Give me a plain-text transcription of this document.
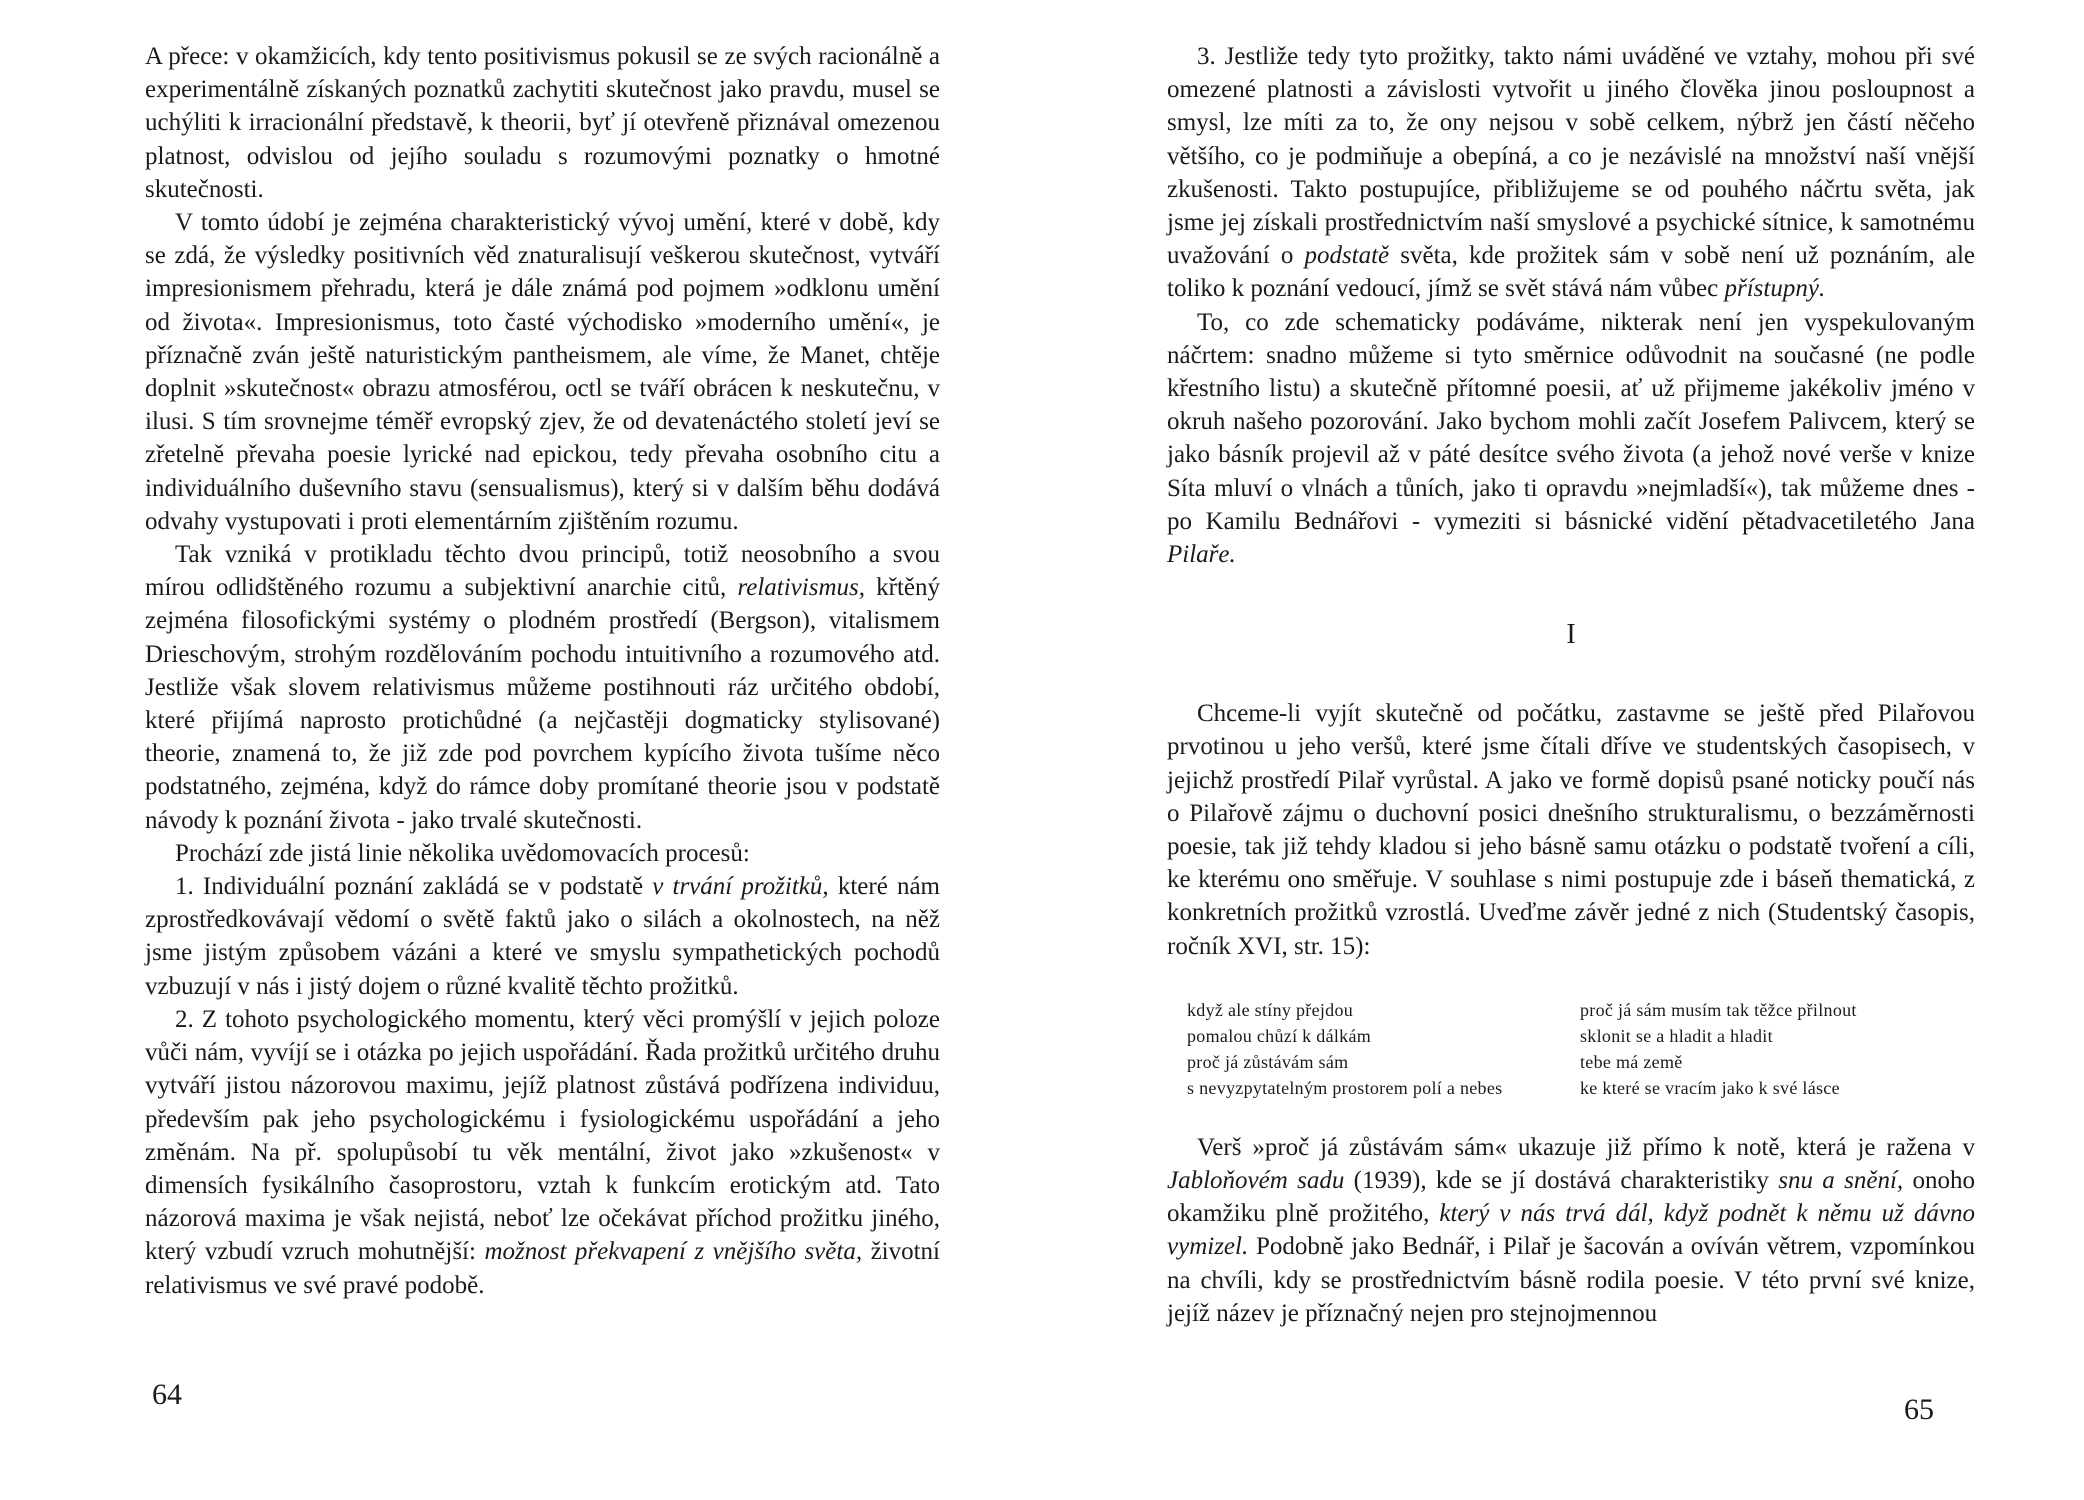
A přece: v okamžicích, kdy tento positivismus pokusil se ze svých racionálně a experimentálně získaných poznatků zachytiti skutečnost jako pravdu, musel se uchýliti k irracionální představě, k theorii, byť jí otevřeně přiznával omezenou platnost, odvislou od jejího souladu s rozumovými poznatky o hmotné skutečnosti.

V tomto údobí je zejména charakteristický vývoj umění, které v době, kdy se zdá, že výsledky positivních věd znaturalisují veškerou skutečnost, vytváří impresionismem přehradu, která je dále známá pod pojmem »odklonu umění od života«. Impresionismus, toto časté východisko »moderního umění«, je příznačně zván ještě naturistickým pantheismem, ale víme, že Manet, chtěje doplnit »skutečnost« obrazu atmosférou, octl se tváří obrácen k neskutečnu, v ilusi. S tím srovnejme téměř evropský zjev, že od devatenáctého století jeví se zřetelně převaha poesie lyrické nad epickou, tedy převaha osobního citu a individuálního duševního stavu (sensualismus), který si v dalším běhu dodává odvahy vystupovati i proti elementárním zjištěním rozumu.

Tak vzniká v protikladu těchto dvou principů, totiž neosobního a svou mírou odlidštěného rozumu a subjektivní anarchie citů, relativismus, křtěný zejména filosofickými systémy o plodném prostředí (Bergson), vitalismem Drieschovým, strohým rozdělováním pochodu intuitivního a rozumového atd. Jestliže však slovem relativismus můžeme postihnouti ráz určitého období, které přijímá naprosto protichůdné (a nejčastěji dogmaticky stylisované) theorie, znamená to, že již zde pod povrchem kypícího života tušíme něco podstatného, zejména, když do rámce doby promítané theorie jsou v podstatě návody k poznání života - jako trvalé skutečnosti.

Prochází zde jistá linie několika uvědomovacích procesů:

1. Individuální poznání zakládá se v podstatě v trvání prožitků, které nám zprostředkovávají vědomí o světě faktů jako o silách a okolnostech, na něž jsme jistým způsobem vázáni a které ve smyslu sympathetických pochodů vzbuzují v nás i jistý dojem o různé kvalitě těchto prožitků.

2. Z tohoto psychologického momentu, který věci promýšlí v jejich poloze vůči nám, vyvíjí se i otázka po jejich uspořádání. Řada prožitků určitého druhu vytváří jistou názorovou maximu, jejíž platnost zůstává podřízena individuu, především pak jeho psychologickému i fysiologickému uspořádání a jeho změnám. Na př. spolupůsobí tu věk mentální, život jako »zkušenost« v dimensích fysikálního časoprostoru, vztah k funkcím erotickým atd. Tato názorová maxima je však nejistá, neboť lze očekávat příchod prožitku jiného, který vzbudí vzruch mohutnější: možnost překvapení z vnějšího světa, životní relativismus ve své pravé podobě.

64

3. Jestliže tedy tyto prožitky, takto námi uváděné ve vztahy, mohou při své omezené platnosti a závislosti vytvořit u jiného člověka jinou posloupnost a smysl, lze míti za to, že ony nejsou v sobě celkem, nýbrž jen částí něčeho většího, co je podmiňuje a obepíná, a co je nezávislé na množství naší vnější zkušenosti. Takto postupujíce, přibližujeme se od pouhého náčrtu světa, jak jsme jej získali prostřednictvím naší smyslové a psychické sítnice, k samotnému uvažování o podstatě světa, kde prožitek sám v sobě není už poznáním, ale toliko k poznání vedoucí, jímž se svět stává nám vůbec přístupný.

To, co zde schematicky podáváme, nikterak není jen vyspekulovaným náčrtem: snadno můžeme si tyto směrnice odůvodnit na současné (ne podle křestního listu) a skutečně přítomné poesii, ať už přijmeme jakékoliv jméno v okruh našeho pozorování. Jako bychom mohli začít Josefem Palivcem, který se jako básník projevil až v páté desítce svého života (a jehož nové verše v knize Síta mluví o vlnách a tůních, jako ti opravdu »nejmladší«), tak můžeme dnes - po Kamilu Bednářovi - vymeziti si básnické vidění pětadvacetiletého Jana Pilaře.

I

Chceme-li vyjít skutečně od počátku, zastavme se ještě před Pilařovou prvotinou u jeho veršů, které jsme čítali dříve ve studentských časopisech, v jejichž prostředí Pilař vyrůstal. A jako ve formě dopisů psané noticky poučí nás o Pilařově zájmu o duchovní posici dnešního strukturalismu, o bezzáměrnosti poesie, tak již tehdy kladou si jeho básně samu otázku o podstatě tvoření a cíli, ke kterému ono směřuje. V souhlase s nimi postupuje zde i báseň thematická, z konkretních prožitků vzrostlá. Uveďme závěr jedné z nich (Studentský časopis, ročník XVI, str. 15):

když ale stíny přejdou
pomalou chůzí k dálkám
proč já zůstávám sám
s nevyzpytatelným prostorem polí a nebes
proč já sám musím tak těžce přilnout
sklonit se a hladit a hladit
tebe má země
ke které se vracím jako k své lásce

Verš »proč já zůstávám sám« ukazuje již přímo k notě, která je ražena v Jabloňovém sadu (1939), kde se jí dostává charakteristiky snu a snění, onoho okamžiku plně prožitého, který v nás trvá dál, když podnět k němu už dávno vymizel. Podobně jako Bednář, i Pilař je šacován a ovíván větrem, vzpomínkou na chvíli, kdy se prostřednictvím básně rodila poesie. V této první své knize, jejíž název je příznačný nejen pro stejnojmennou

65
